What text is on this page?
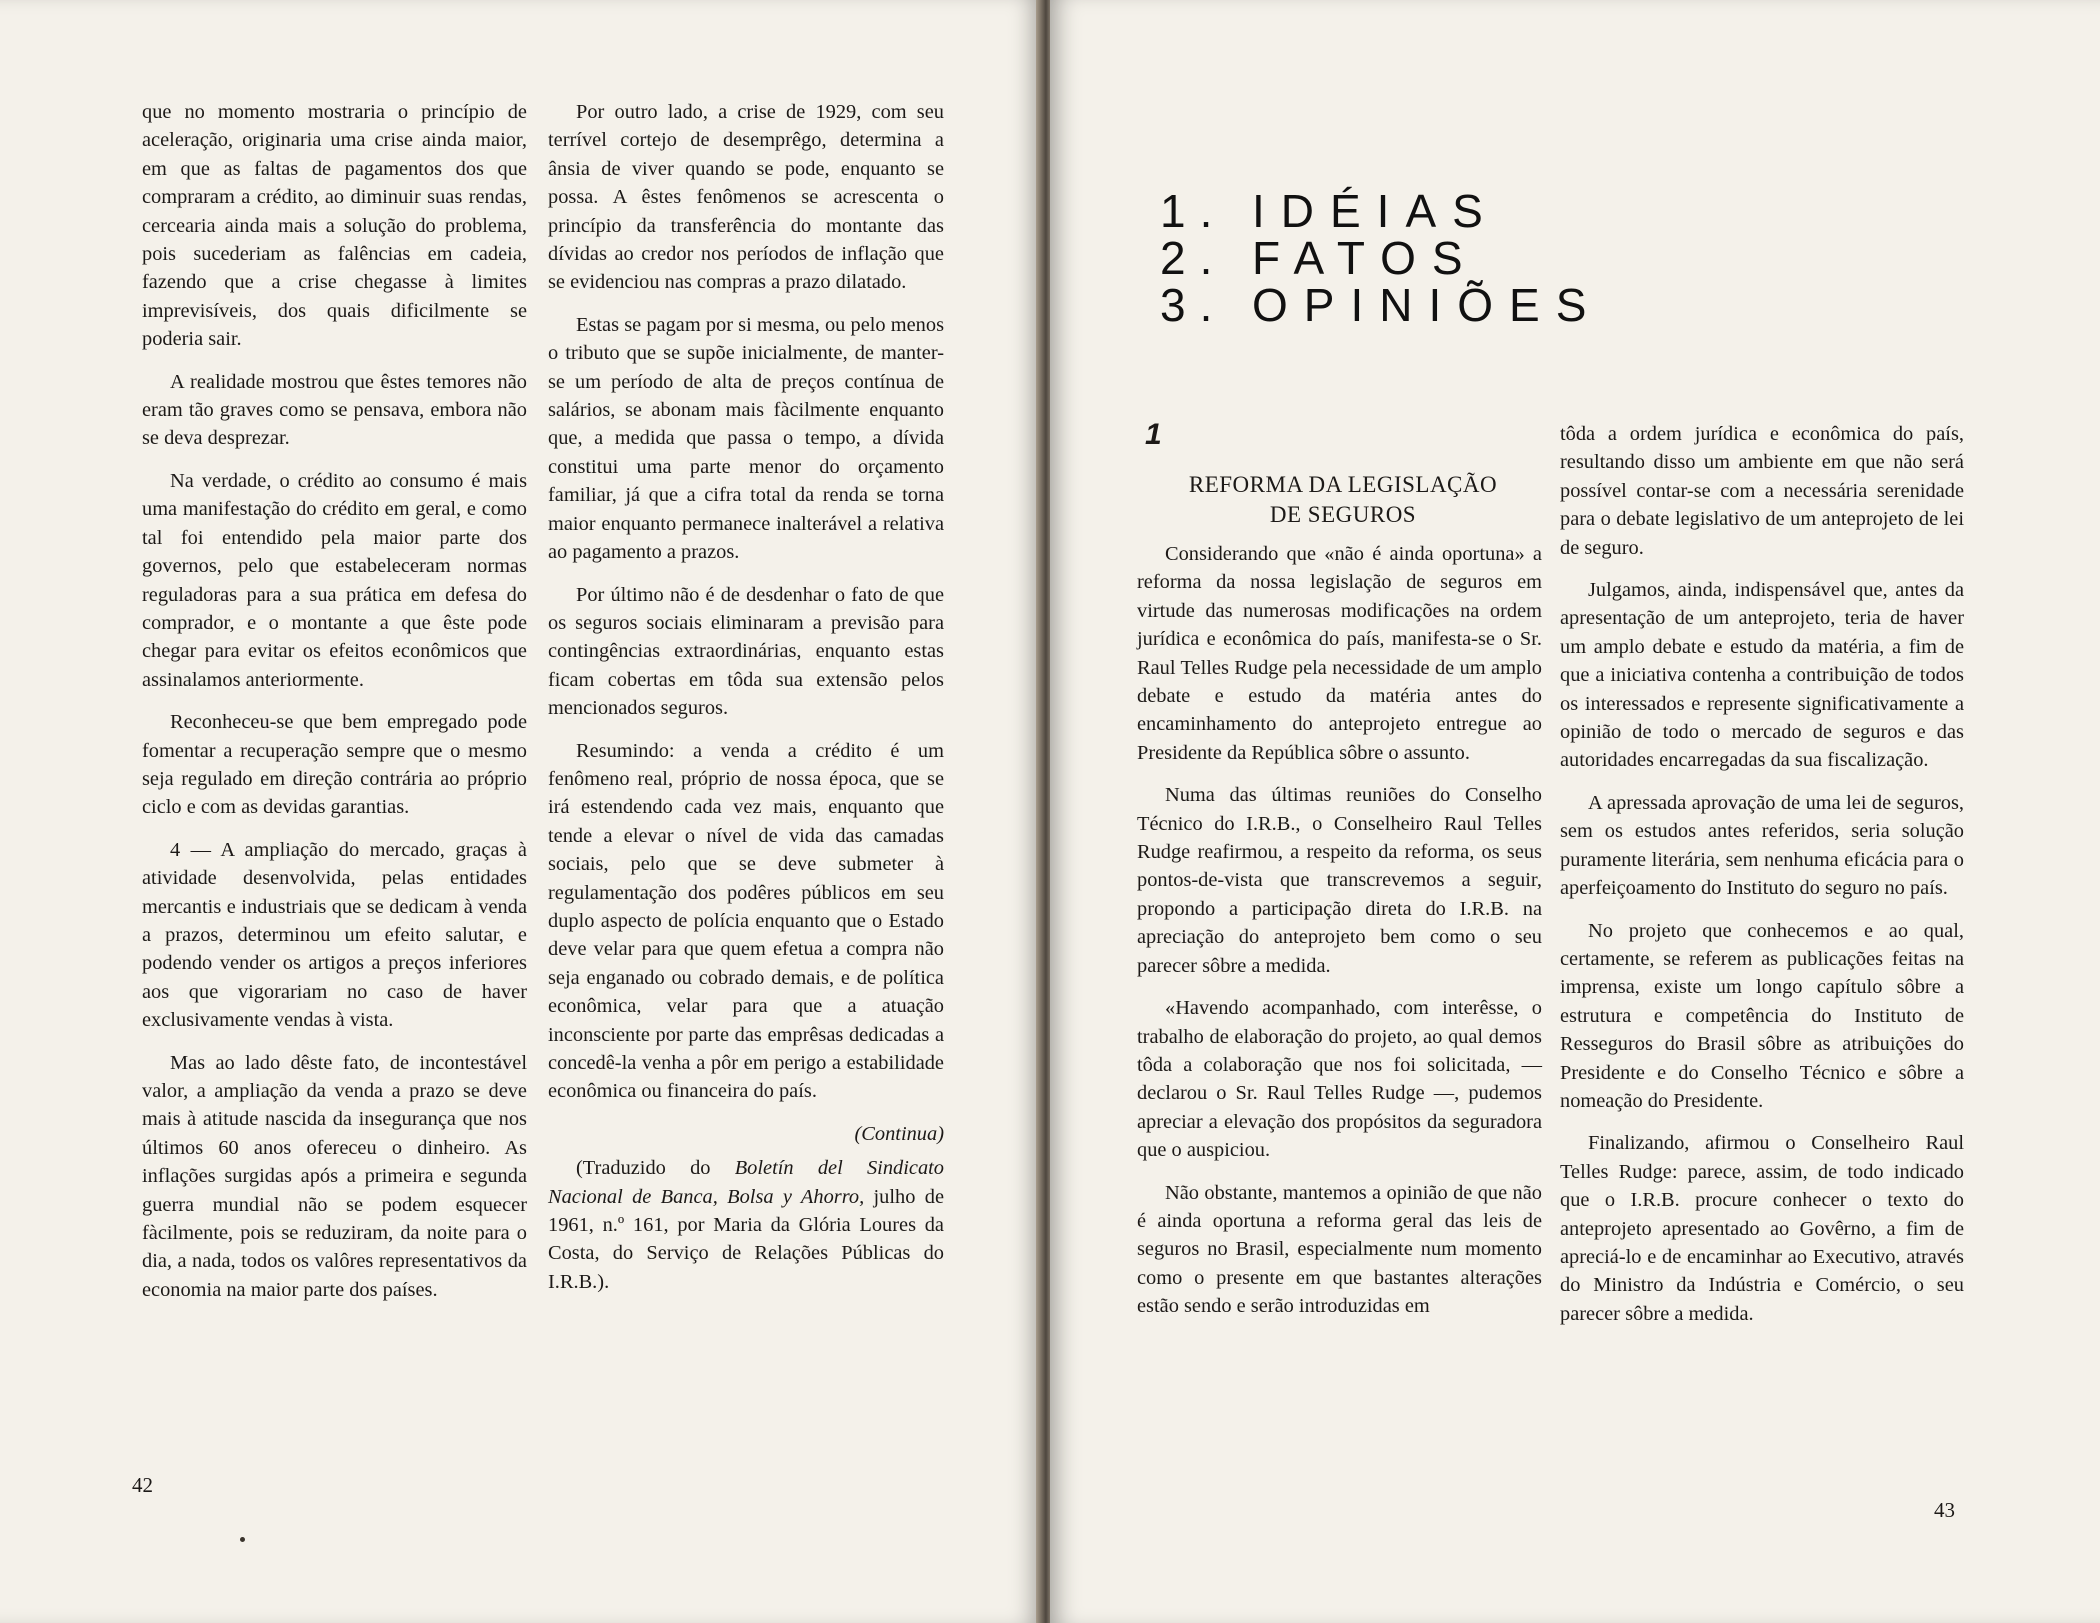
que no momento mostraria o princípio de aceleração, originaria uma crise ainda maior, em que as faltas de pagamentos dos que compraram a crédito, ao diminuir suas rendas, cercearia ainda mais a solução do problema, pois sucederiam as falências em cadeia, fazendo que a crise chegasse à limites imprevisíveis, dos quais dificilmente se poderia sair.

A realidade mostrou que êstes temores não eram tão graves como se pensava, embora não se deva desprezar.

Na verdade, o crédito ao consumo é mais uma manifestação do crédito em geral, e como tal foi entendido pela maior parte dos governos, pelo que estabeleceram normas reguladoras para a sua prática em defesa do comprador, e o montante a que êste pode chegar para evitar os efeitos econômicos que assinalamos anteriormente.

Reconheceu-se que bem empregado pode fomentar a recuperação sempre que o mesmo seja regulado em direção contrária ao próprio ciclo e com as devidas garantias.

4 — A ampliação do mercado, graças à atividade desenvolvida, pelas entidades mercantis e industriais que se dedicam à venda a prazos, determinou um efeito salutar, e podendo vender os artigos a preços inferiores aos que vigorariam no caso de haver exclusivamente vendas à vista.

Mas ao lado dêste fato, de incontestável valor, a ampliação da venda a prazo se deve mais à atitude nascida da insegurança que nos últimos 60 anos ofereceu o dinheiro. As inflações surgidas após a primeira e segunda guerra mundial não se podem esquecer fàcilmente, pois se reduziram, da noite para o dia, a nada, todos os valôres representativos da economia na maior parte dos países.

Por outro lado, a crise de 1929, com seu terrível cortejo de desemprêgo, determina a ânsia de viver quando se pode, enquanto se possa. A êstes fenômenos se acrescenta o princípio da transferência do montante das dívidas ao credor nos períodos de inflação que se evidenciou nas compras a prazo dilatado.

Estas se pagam por si mesma, ou pelo menos o tributo que se supõe inicialmente, de manter-se um período de alta de preços contínua de salários, se abonam mais fàcilmente enquanto que, a medida que passa o tempo, a dívida constitui uma parte menor do orçamento familiar, já que a cifra total da renda se torna maior enquanto permanece inalterável a relativa ao pagamento a prazos.

Por último não é de desdenhar o fato de que os seguros sociais eliminaram a previsão para contingências extraordinárias, enquanto estas ficam cobertas em tôda sua extensão pelos mencionados seguros.

Resumindo: a venda a crédito é um fenômeno real, próprio de nossa época, que se irá estendendo cada vez mais, enquanto que tende a elevar o nível de vida das camadas sociais, pelo que se deve submeter à regulamentação dos podêres públicos em seu duplo aspecto de polícia enquanto que o Estado deve velar para que quem efetua a compra não seja enganado ou cobrado demais, e de política econômica, velar para que a atuação inconsciente por parte das emprêsas dedicadas a concedê-la venha a pôr em perigo a estabilidade econômica ou financeira do país.

(Continua)

(Traduzido do Boletín del Sindicato Nacional de Banca, Bolsa y Ahorro, julho de 1961, n.º 161, por Maria da Glória Loures da Costa, do Serviço de Relações Públicas do I.R.B.).

42
1. IDÉIAS
2. FATOS
3. OPINIÕES
1
REFORMA DA LEGISLAÇÃO
DE SEGUROS

Considerando que «não é ainda oportuna» a reforma da nossa legislação de seguros em virtude das numerosas modificações na ordem jurídica e econômica do país, manifesta-se o Sr. Raul Telles Rudge pela necessidade de um amplo debate e estudo da matéria antes do encaminhamento do anteprojeto entregue ao Presidente da República sôbre o assunto.

Numa das últimas reuniões do Conselho Técnico do I.R.B., o Conselheiro Raul Telles Rudge reafirmou, a respeito da reforma, os seus pontos-de-vista que transcrevemos a seguir, propondo a participação direta do I.R.B. na apreciação do anteprojeto bem como o seu parecer sôbre a medida.

«Havendo acompanhado, com interêsse, o trabalho de elaboração do projeto, ao qual demos tôda a colaboração que nos foi solicitada, — declarou o Sr. Raul Telles Rudge —, pudemos apreciar a elevação dos propósitos da seguradora que o auspiciou.

Não obstante, mantemos a opinião de que não é ainda oportuna a reforma geral das leis de seguros no Brasil, especialmente num momento como o presente em que bastantes alterações estão sendo e serão introduzidas em

tôda a ordem jurídica e econômica do país, resultando disso um ambiente em que não será possível contar-se com a necessária serenidade para o debate legislativo de um anteprojeto de lei de seguro.

Julgamos, ainda, indispensável que, antes da apresentação de um anteprojeto, teria de haver um amplo debate e estudo da matéria, a fim de que a iniciativa contenha a contribuição de todos os interessados e represente significativamente a opinião de todo o mercado de seguros e das autoridades encarregadas da sua fiscalização.

A apressada aprovação de uma lei de seguros, sem os estudos antes referidos, seria solução puramente literária, sem nenhuma eficácia para o aperfeiçoamento do Instituto do seguro no país.

No projeto que conhecemos e ao qual, certamente, se referem as publicações feitas na imprensa, existe um longo capítulo sôbre a estrutura e competência do Instituto de Resseguros do Brasil sôbre as atribuições do Presidente e do Conselho Técnico e sôbre a nomeação do Presidente.

Finalizando, afirmou o Conselheiro Raul Telles Rudge: parece, assim, de todo indicado que o I.R.B. procure conhecer o texto do anteprojeto apresentado ao Govêrno, a fim de apreciá-lo e de encaminhar ao Executivo, através do Ministro da Indústria e Comércio, o seu parecer sôbre a medida.

43
